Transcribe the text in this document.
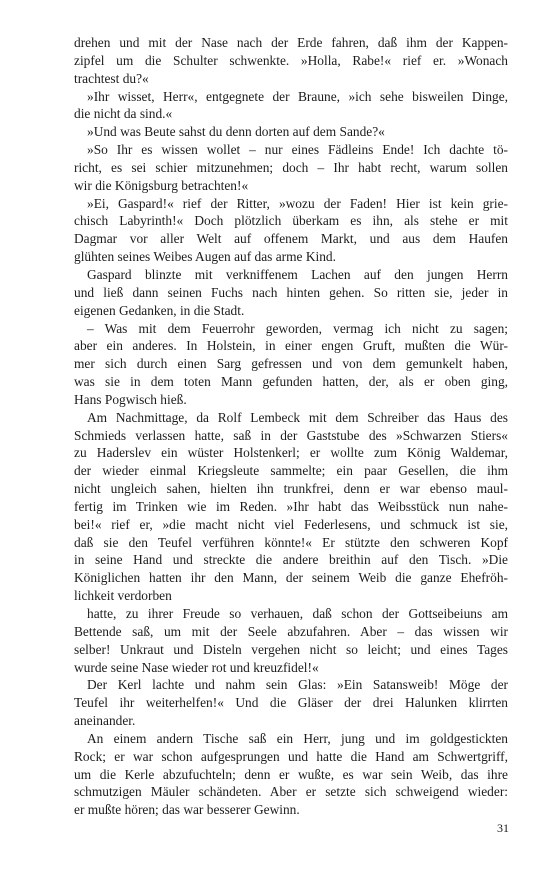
drehen und mit der Nase nach der Erde fahren, daß ihm der Kappen-
zipfel um die Schulter schwenkte. »Holla, Rabe!« rief er. »Wonach
trachtest du?«
»Ihr wisset, Herr«, entgegnete der Braune, »ich sehe bisweilen Dinge,
die nicht da sind.«
»Und was Beute sahst du denn dorten auf dem Sande?«
»So Ihr es wissen wollet – nur eines Fädleins Ende! Ich dachte tö-
richt, es sei schier mitzunehmen; doch – Ihr habt recht, warum sollen
wir die Königsburg betrachten!«
»Ei, Gaspard!« rief der Ritter, »wozu der Faden! Hier ist kein grie-
chisch Labyrinth!« Doch plötzlich überkam es ihn, als stehe er mit
Dagmar vor aller Welt auf offenem Markt, und aus dem Haufen
glühten seines Weibes Augen auf das arme Kind.
Gaspard blinzte mit verkniffenem Lachen auf den jungen Herrn
und ließ dann seinen Fuchs nach hinten gehen. So ritten sie, jeder in
eigenen Gedanken, in die Stadt.
– Was mit dem Feuerrohr geworden, vermag ich nicht zu sagen;
aber ein anderes. In Holstein, in einer engen Gruft, mußten die Wür-
mer sich durch einen Sarg gefressen und von dem gemunkelt haben,
was sie in dem toten Mann gefunden hatten, der, als er oben ging,
Hans Pogwisch hieß.
Am Nachmittage, da Rolf Lembeck mit dem Schreiber das Haus des
Schmieds verlassen hatte, saß in der Gaststube des »Schwarzen Stiers«
zu Haderslev ein wüster Holstenkerl; er wollte zum König Waldemar,
der wieder einmal Kriegsleute sammelte; ein paar Gesellen, die ihm
nicht ungleich sahen, hielten ihn trunkfrei, denn er war ebenso maul-
fertig im Trinken wie im Reden. »Ihr habt das Weibsstück nun nahe-
bei!« rief er, »die macht nicht viel Federlesens, und schmuck ist sie,
daß sie den Teufel verführen könnte!« Er stützte den schweren Kopf
in seine Hand und streckte die andere breithin auf den Tisch. »Die
Königlichen hatten ihr den Mann, der seinem Weib die ganze Ehefröh-
lichkeit verdorben
hatte, zu ihrer Freude so verhauen, daß schon der Gottseibeiuns am
Bettende saß, um mit der Seele abzufahren. Aber – das wissen wir
selber! Unkraut und Disteln vergehen nicht so leicht; und eines Tages
wurde seine Nase wieder rot und kreuzfidel!«
Der Kerl lachte und nahm sein Glas: »Ein Satansweib! Möge der
Teufel ihr weiterhelfen!« Und die Gläser der drei Halunken klirrten
aneinander.
An einem andern Tische saß ein Herr, jung und im goldgestickten
Rock; er war schon aufgesprungen und hatte die Hand am Schwertgriff,
um die Kerle abzufuchteln; denn er wußte, es war sein Weib, das ihre
schmutzigen Mäuler schändeten. Aber er setzte sich schweigend wieder:
er mußte hören; das war besserer Gewinn.
31
